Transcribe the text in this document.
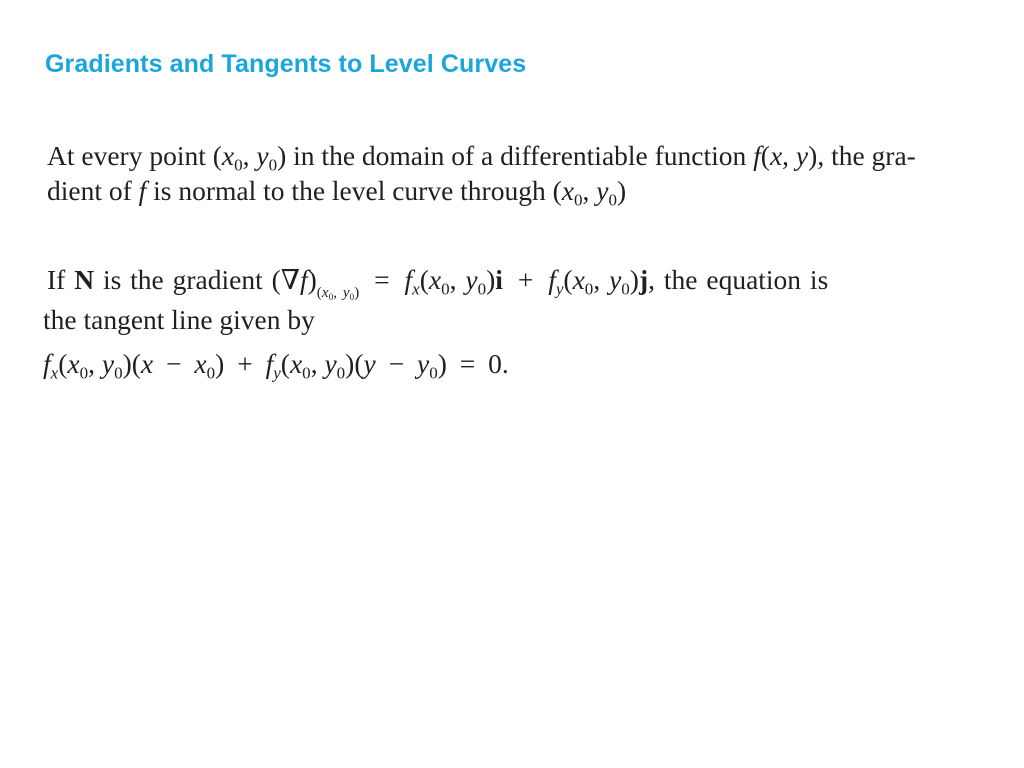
Gradients and Tangents to Level Curves
At every point ($x_0$, $y_0$) in the domain of a differentiable function f(x, y), the gra-
dient of f is normal to the level curve through ($x_0$, $y_0$)
If N is the gradient $(\nabla f)_{(x_0, y_0)} = f_x(x_0$, $y_0)i + f_y(x_0$, $y_0)j$, the equation is
the tangent line given by
$f_x(x_0$, $y_0)(x - x_0) + f_y(x_0$, $y_0)(y - y_0) = 0$.
